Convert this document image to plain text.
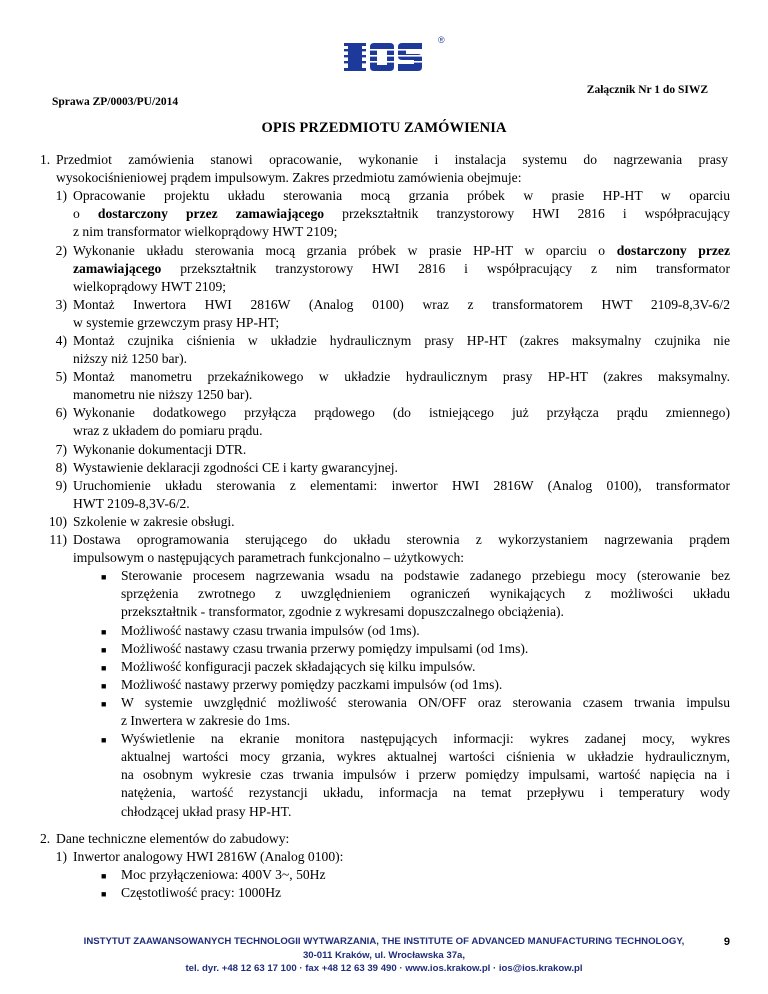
®
Załącznik Nr 1 do SIWZ
Sprawa ZP/0003/PU/2014
OPIS PRZEDMIOTU ZAMÓWIENIA
1. Przedmiot zamówienia stanowi opracowanie, wykonanie i instalacja systemu do nagrzewania prasy
wysokociśnieniowej prądem impulsowym. Zakres przedmiotu zamówienia obejmuje:
1) Opracowanie projektu układu sterowania mocą grzania próbek w prasie HP-HT w oparciu
o dostarczony przez zamawiającego przekształtnik tranzystorowy HWI 2816 i współpracujący
z nim transformator wielkoprądowy HWT 2109;
2) Wykonanie układu sterowania mocą grzania próbek w prasie HP-HT w oparciu o dostarczony przez
zamawiającego przekształtnik tranzystorowy HWI 2816 i współpracujący z nim transformator
wielkoprądowy HWT 2109;
3) Montaż Inwertora HWI 2816W (Analog 0100) wraz z transformatorem HWT 2109-8,3V-6/2
w systemie grzewczym prasy HP-HT;
4) Montaż czujnika ciśnienia w układzie hydraulicznym prasy HP-HT (zakres maksymalny czujnika nie
niższy niż 1250 bar).
5) Montaż manometru przekaźnikowego w układzie hydraulicznym prasy HP-HT (zakres maksymalny.
manometru nie niższy 1250 bar).
6) Wykonanie dodatkowego przyłącza prądowego (do istniejącego już przyłącza prądu zmiennego)
wraz z układem do pomiaru prądu.
7) Wykonanie dokumentacji DTR.
8) Wystawienie deklaracji zgodności CE i karty gwarancyjnej.
9) Uruchomienie układu sterowania z elementami: inwertor HWI 2816W (Analog 0100), transformator
HWT 2109-8,3V-6/2.
10) Szkolenie w zakresie obsługi.
11) Dostawa oprogramowania sterującego do układu sterownia z wykorzystaniem nagrzewania prądem
impulsowym o następujących parametrach funkcjonalno – użytkowych:
■ Sterowanie procesem nagrzewania wsadu na podstawie zadanego przebiegu mocy (sterowanie bez
sprzężenia zwrotnego z uwzględnieniem ograniczeń wynikających z możliwości układu
przekształtnik - transformator, zgodnie z wykresami dopuszczalnego obciążenia).
■ Możliwość nastawy czasu trwania impulsów (od 1ms).
■ Możliwość nastawy czasu trwania przerwy pomiędzy impulsami (od 1ms).
■ Możliwość konfiguracji paczek składających się kilku impulsów.
■ Możliwość nastawy przerwy pomiędzy paczkami impulsów (od 1ms).
■ W systemie uwzględnić możliwość sterowania ON/OFF oraz sterowania czasem trwania impulsu
z Inwertera w zakresie do 1ms.
■ Wyświetlenie na ekranie monitora następujących informacji: wykres zadanej mocy, wykres
aktualnej wartości mocy grzania, wykres aktualnej wartości ciśnienia w układzie hydraulicznym,
na osobnym wykresie czas trwania impulsów i przerw pomiędzy impulsami, wartość napięcia na i
natężenia, wartość rezystancji układu, informacja na temat przepływu i temperatury wody
chłodzącej układ prasy HP-HT.
2. Dane techniczne elementów do zabudowy:
1) Inwertor analogowy HWI 2816W (Analog 0100):
■ Moc przyłączeniowa: 400V 3~, 50Hz
■ Częstotliwość pracy: 1000Hz
INSTYTUT ZAAWANSOWANYCH TECHNOLOGII WYTWARZANIA, THE INSTITUTE OF ADVANCED MANUFACTURING TECHNOLOGY,
30-011 Kraków, ul. Wrocławska 37a,
tel. dyr. +48 12 63 17 100 · fax +48 12 63 39 490 · www.ios.krakow.pl · ios@ios.krakow.pl
9
